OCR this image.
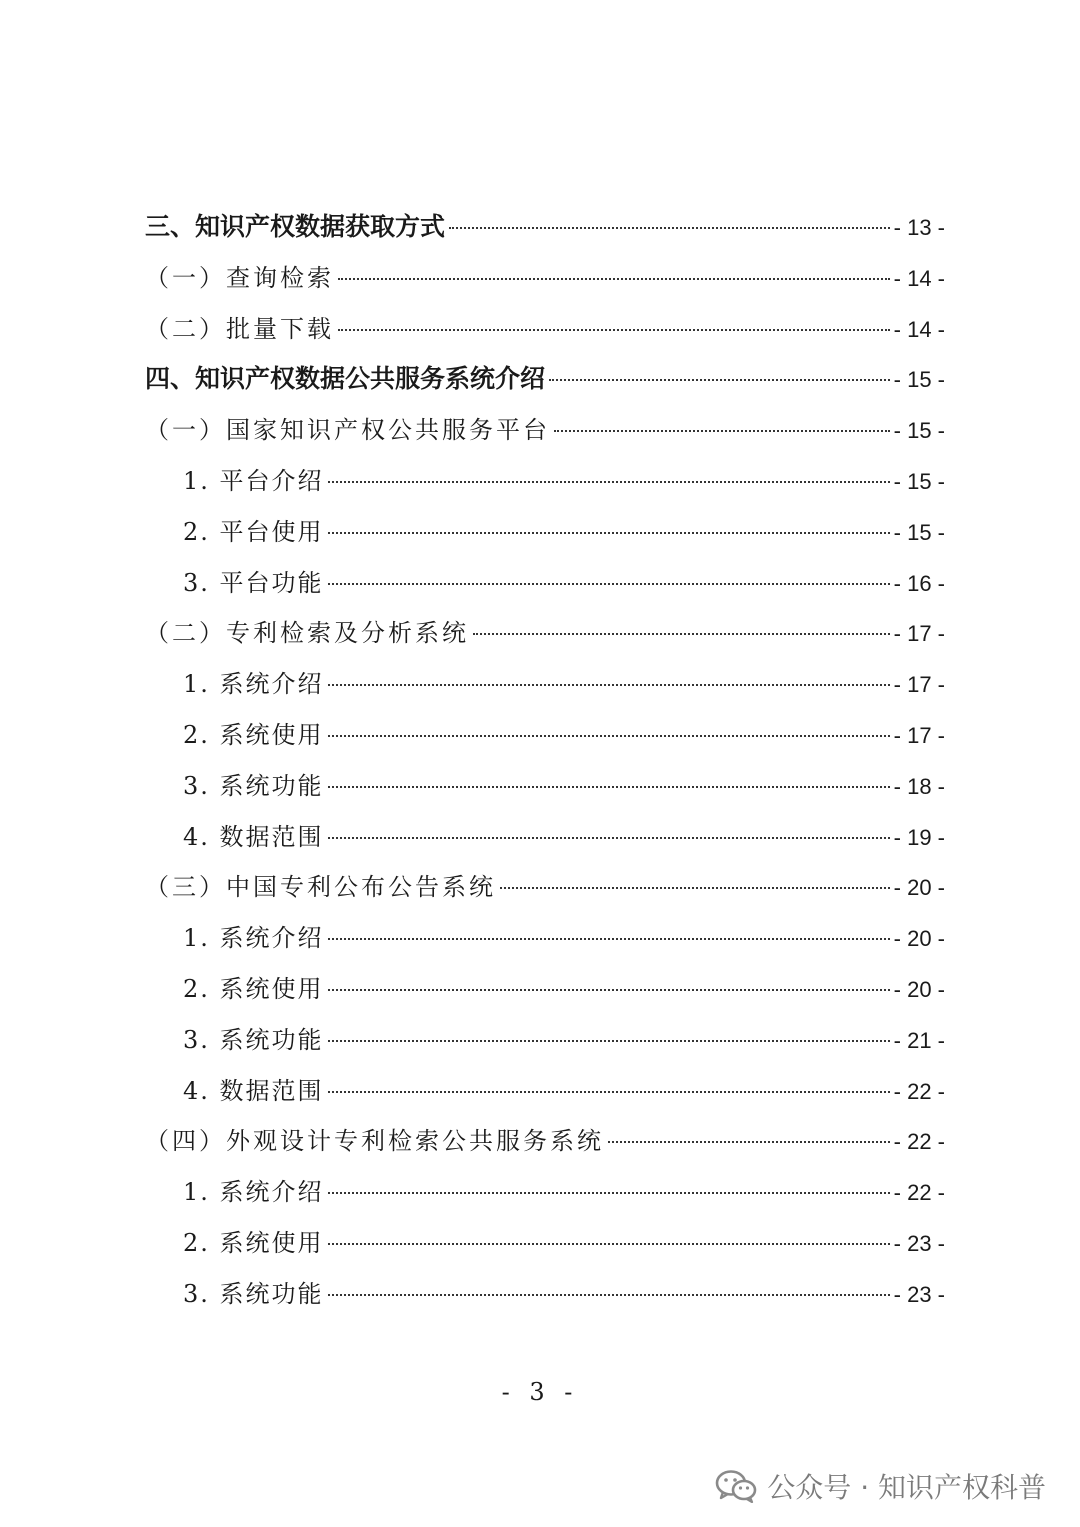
三、知识产权数据获取方式	- 13 -
（一）查询检索	- 14 -
（二）批量下载	- 14 -
四、知识产权数据公共服务系统介绍	- 15 -
（一）国家知识产权公共服务平台	- 15 -
1. 平台介绍	- 15 -
2. 平台使用	- 15 -
3. 平台功能	- 16 -
（二）专利检索及分析系统	- 17 -
1. 系统介绍	- 17 -
2. 系统使用	- 17 -
3. 系统功能	- 18 -
4. 数据范围	- 19 -
（三）中国专利公布公告系统	- 20 -
1. 系统介绍	- 20 -
2. 系统使用	- 20 -
3. 系统功能	- 21 -
4. 数据范围	- 22 -
（四）外观设计专利检索公共服务系统	- 22 -
1. 系统介绍	- 22 -
2. 系统使用	- 23 -
3. 系统功能	- 23 -
- 3 -
公众号 · 知识产权科普
